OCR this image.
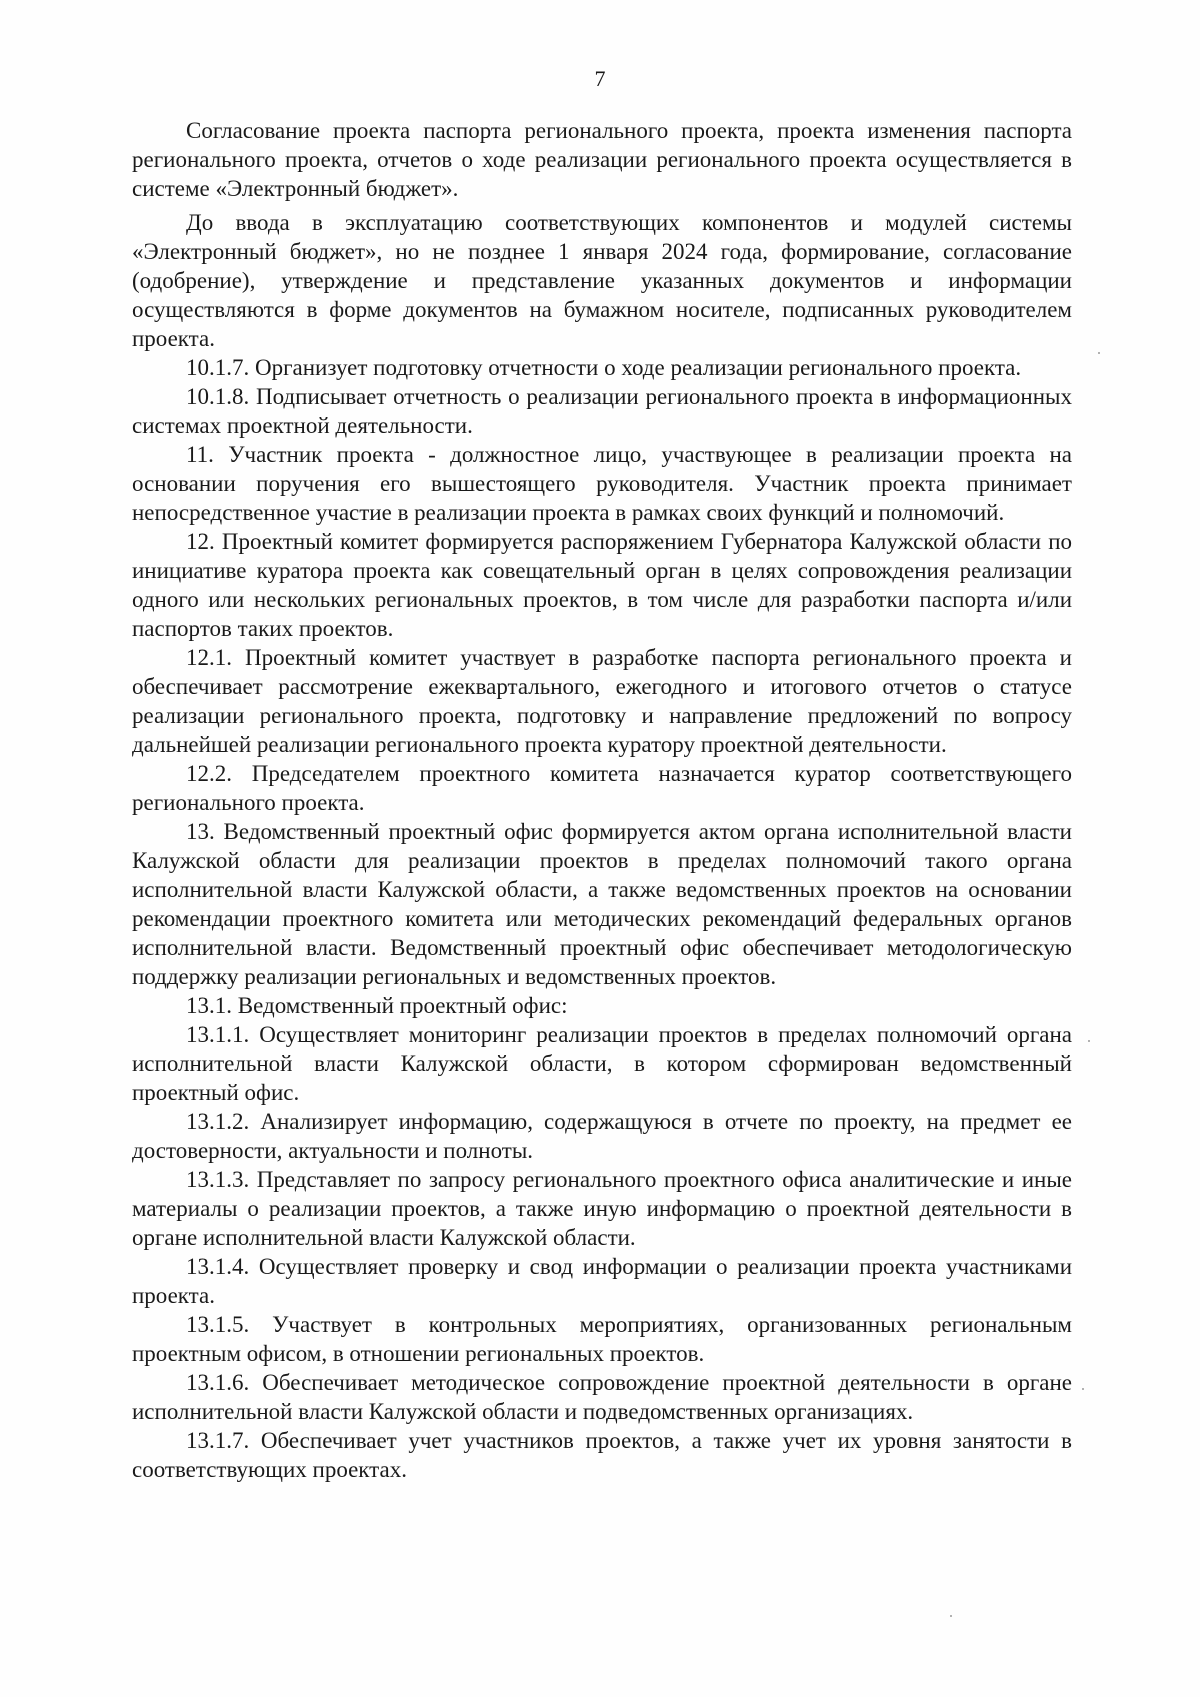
7

Согласование проекта паспорта регионального проекта, проекта изменения паспорта регионального проекта, отчетов о ходе реализации регионального проекта осуществляется в системе «Электронный бюджет».

До ввода в эксплуатацию соответствующих компонентов и модулей системы «Электронный бюджет», но не позднее 1 января 2024 года, формирование, согласование (одобрение), утверждение и представление указанных документов и информации осуществляются в форме документов на бумажном носителе, подписанных руководителем проекта.

10.1.7. Организует подготовку отчетности о ходе реализации регионального проекта.

10.1.8. Подписывает отчетность о реализации регионального проекта в информационных системах проектной деятельности.

11. Участник проекта - должностное лицо, участвующее в реализации проекта на основании поручения его вышестоящего руководителя. Участник проекта принимает непосредственное участие в реализации проекта в рамках своих функций и полномочий.

12. Проектный комитет формируется распоряжением Губернатора Калужской области по инициативе куратора проекта как совещательный орган в целях сопровождения реализации одного или нескольких региональных проектов, в том числе для разработки паспорта и/или паспортов таких проектов.

12.1. Проектный комитет участвует в разработке паспорта регионального проекта и обеспечивает рассмотрение ежеквартального, ежегодного и итогового отчетов о статусе реализации регионального проекта, подготовку и направление предложений по вопросу дальнейшей реализации регионального проекта куратору проектной деятельности.

12.2. Председателем проектного комитета назначается куратор соответствующего регионального проекта.

13. Ведомственный проектный офис формируется актом органа исполнительной власти Калужской области для реализации проектов в пределах полномочий такого органа исполнительной власти Калужской области, а также ведомственных проектов на основании рекомендации проектного комитета или методических рекомендаций федеральных органов исполнительной власти. Ведомственный проектный офис обеспечивает методологическую поддержку реализации региональных и ведомственных проектов.

13.1. Ведомственный проектный офис:

13.1.1. Осуществляет мониторинг реализации проектов в пределах полномочий органа исполнительной власти Калужской области, в котором сформирован ведомственный проектный офис.

13.1.2. Анализирует информацию, содержащуюся в отчете по проекту, на предмет ее достоверности, актуальности и полноты.

13.1.3. Представляет по запросу регионального проектного офиса аналитические и иные материалы о реализации проектов, а также иную информацию о проектной деятельности в органе исполнительной власти Калужской области.

13.1.4. Осуществляет проверку и свод информации о реализации проекта участниками проекта.

13.1.5. Участвует в контрольных мероприятиях, организованных региональным проектным офисом, в отношении региональных проектов.

13.1.6. Обеспечивает методическое сопровождение проектной деятельности в органе исполнительной власти Калужской области и подведомственных организациях.

13.1.7. Обеспечивает учет участников проектов, а также учет их уровня занятости в соответствующих проектах.
